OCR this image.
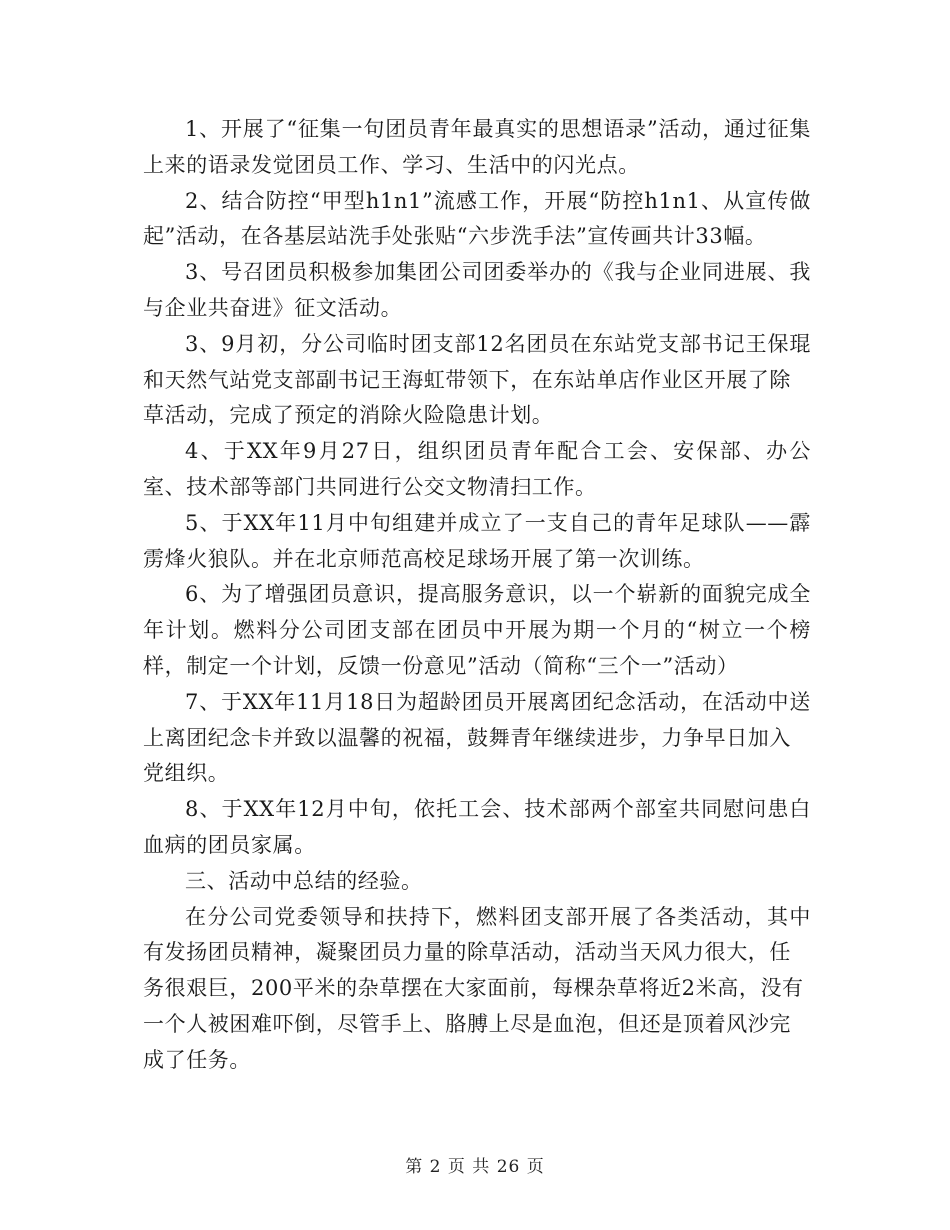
1、开展了“征集一句团员青年最真实的思想语录”活动，通过征集上来的语录发觉团员工作、学习、生活中的闪光点。

2、结合防控“甲型h1n1”流感工作，开展“防控h1n1、从宣传做起”活动，在各基层站洗手处张贴“六步洗手法”宣传画共计33幅。

3、号召团员积极参加集团公司团委举办的《我与企业同进展、我与企业共奋进》征文活动。

3、9月初，分公司临时团支部12名团员在东站党支部书记王保琨和天然气站党支部副书记王海虹带领下，在东站单店作业区开展了除
草活动，完成了预定的消除火险隐患计划。

4、于XX年9月27日，组织团员青年配合工会、安保部、办公室、技术部等部门共同进行公交文物清扫工作。

5、于XX年11月中旬组建并成立了一支自己的青年足球队——霹雳烽火狼队。并在北京师范高校足球场开展了第一次训练。

6、为了增强团员意识，提高服务意识，以一个崭新的面貌完成全年计划。燃料分公司团支部在团员中开展为期一个月的“树立一个榜样，制定一个计划，反馈一份意见”活动（简称“三个一”活动）

7、于XX年11月18日为超龄团员开展离团纪念活动，在活动中送上离团纪念卡并致以温馨的祝福，鼓舞青年继续进步，力争早日加入
党组织。

8、于XX年12月中旬，依托工会、技术部两个部室共同慰问患白血病的团员家属。

三、活动中总结的经验。

在分公司党委领导和扶持下，燃料团支部开展了各类活动，其中有发扬团员精神，凝聚团员力量的除草活动，活动当天风力很大，任
务很艰巨，200平米的杂草摆在大家面前，每棵杂草将近2米高，没有
一个人被困难吓倒，尽管手上、胳膊上尽是血泡，但还是顶着风沙完
成了任务。

第 2 页 共 26 页
